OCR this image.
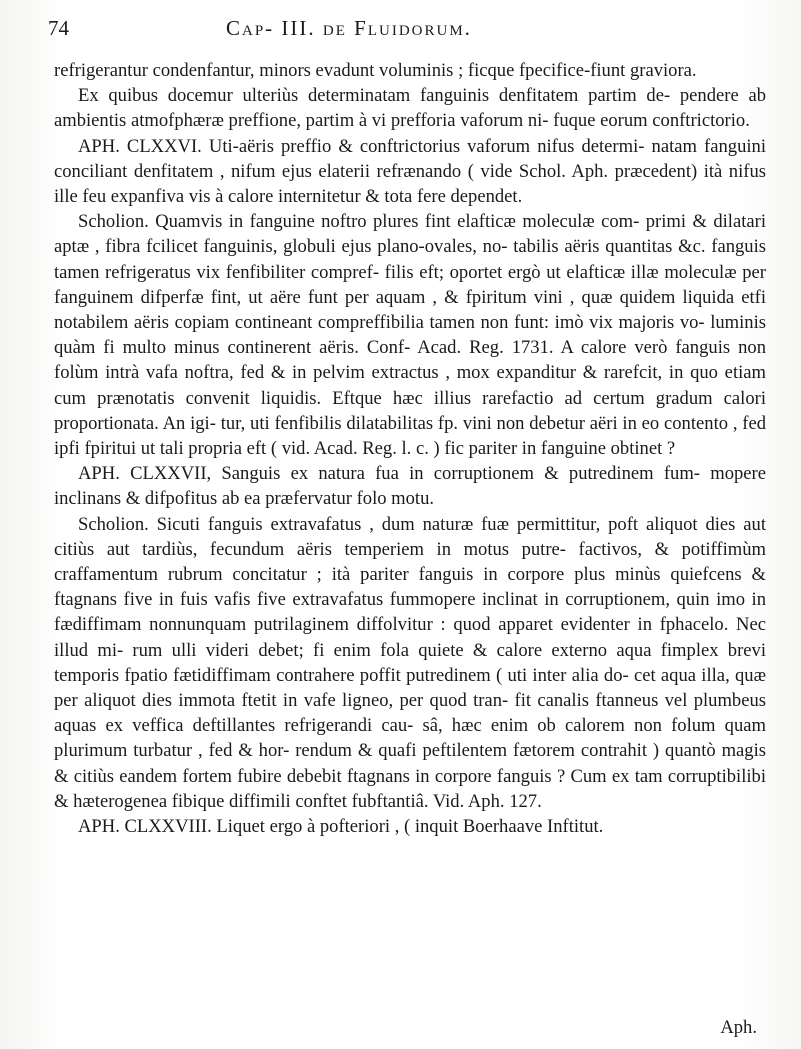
74	Cap- III. de Fluidorum.

refrigerantur condenfantur, minors evadunt voluminis ; ficque fpecifice-fiunt graviora.

Ex quibus docemur ulteriùs determinatam fanguinis denfitatem partim de- pendere ab ambientis atmofphæræ preffione, partim à vi prefforia vaforum ni- fuque eorum conftrictorio.

APH. CLXXVI. Uti-aëris preffio & conftrictorius vaforum nifus determi- natam fanguini conciliant denfitatem , nifum ejus elaterii refrænando ( vide Schol. Aph. præcedent) ità nifus ille feu expanfiva vis à calore internitetur & tota fere dependet.

Scholion. Quamvis in fanguine noftro plures fint elafticæ moleculæ com- primi & dilatari aptæ , fibra fcilicet fanguinis, globuli ejus plano-ovales, no- tabilis aëris quantitas &c. fanguis tamen refrigeratus vix fenfibiliter compref- filis eft; oportet ergò ut elafticæ illæ moleculæ per fanguinem difperfæ fint, ut aëre funt per aquam , & fpiritum vini , quæ quidem liquida etfi notabilem aëris copiam contineant compreffibilia tamen non funt: imò vix majoris vo- luminis quàm fi multo minus continerent aëris. Conf- Acad. Reg. 1731. A calore verò fanguis non folùm intrà vafa noftra, fed & in pelvim extractus , mox expanditur & rarefcit, in quo etiam cum prænotatis convenit liquidis. Eftque hæc illius rarefactio ad certum gradum calori proportionata. An igi- tur, uti fenfibilis dilatabilitas fp. vini non debetur aëri in eo contento , fed ipfi fpiritui ut tali propria eft ( vid. Acad. Reg. l. c. ) fic pariter in fanguine obtinet ?

APH. CLXXVII, Sanguis ex natura fua in corruptionem & putredinem fum- mopere inclinans & difpofitus ab ea præfervatur folo motu.

Scholion. Sicuti fanguis extravafatus , dum naturæ fuæ permittitur, poft aliquot dies aut citiùs aut tardiùs, fecundum aëris temperiem in motus putre- factivos, & potiffimùm craffamentum rubrum concitatur ; ità pariter fanguis in corpore plus minùs quiefcens & ftagnans five in fuis vafis five extravafatus fummopere inclinat in corruptionem, quin imo in fædiffimam nonnunquam putrilaginem diffolvitur : quod apparet evidenter in fphacelo. Nec illud mi- rum ulli videri debet; fi enim fola quiete & calore externo aqua fimplex brevi temporis fpatio fætidiffimam contrahere poffit putredinem ( uti inter alia do- cet aqua illa, quæ per aliquot dies immota ftetit in vafe ligneo, per quod tran- fit canalis ftanneus vel plumbeus aquas ex veffica deftillantes refrigerandi cau- sâ, hæc enim ob calorem non folum quam plurimum turbatur , fed & hor- rendum & quafi peftilentem fætorem contrahit ) quantò magis & citiùs eandem fortem fubire debebit ftagnans in corpore fanguis ? Cum ex tam corruptibilibi & hæterogenea fibique diffimili conftet fubftantiâ. Vid. Aph. 127.

APH. CLXXVIII. Liquet ergo à pofteriori , ( inquit Boerhaave Inftitut.

Aph.
